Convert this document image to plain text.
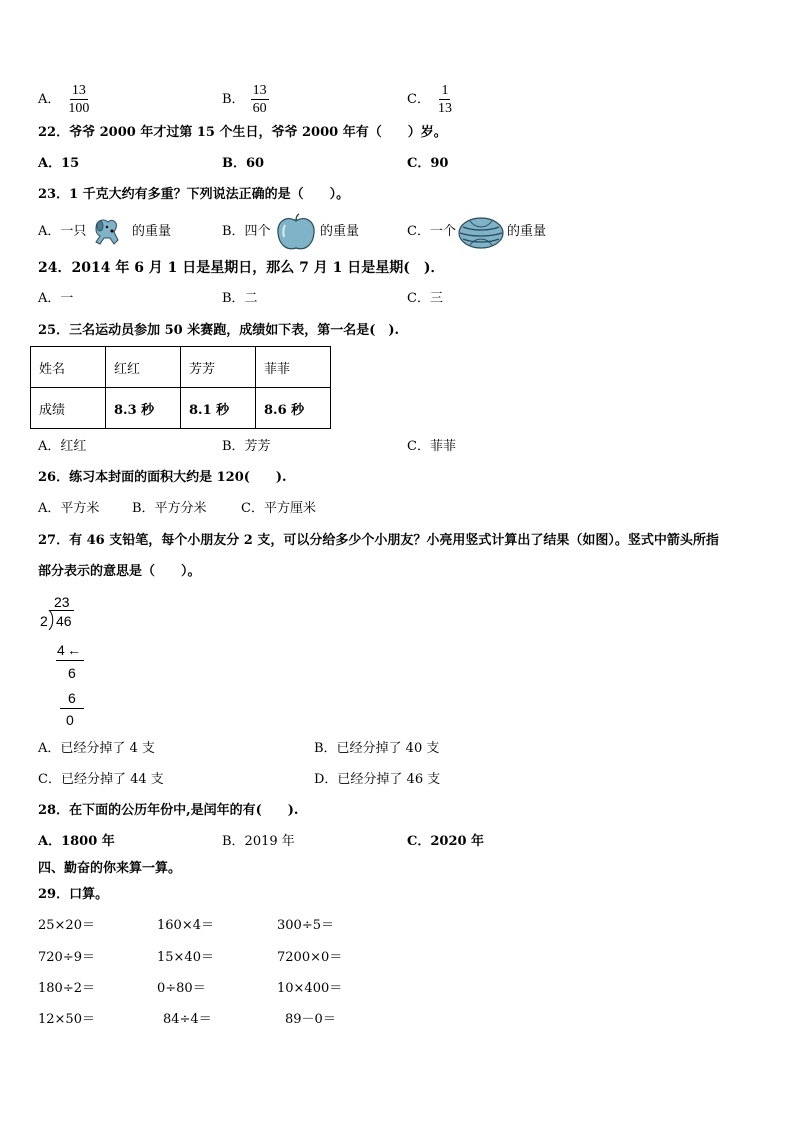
A． $\frac{13}{100}$	B． $\frac{13}{60}$	C． $\frac{1}{13}$
22．爷爷 2000 年才过第 15 个生日，爷爷 2000 年有（　　）岁。
A．15	B．60	C．90
23．1 千克大约有多重？下列说法正确的是（　　）。
A．一只	的重量	B．四个	的重量	C．一个	的重量
24．2014 年 6 月 1 日是星期日，那么 7 月 1 日是星期(　)．
A．一	B．二	C．三
25．三名运动员参加 50 米赛跑，成绩如下表，第一名是(　).
姓名	红红	芳芳	菲菲
成绩	8.3 秒	8.1 秒	8.6 秒
A．红红	B．芳芳	C．菲菲
26．练习本封面的面积大约是 120(　　).
A．平方米	B．平方分米	C．平方厘米
27．有 46 支铅笔，每个小朋友分 2 支，可以分给多少个小朋友？小亮用竖式计算出了结果（如图）。竖式中箭头所指
部分表示的意思是（　　）。
23
2 46
4 ←
6
6
0
A．已经分掉了 4 支	B．已经分掉了 40 支
C．已经分掉了 44 支	D．已经分掉了 46 支
28．在下面的公历年份中,是闰年的有(　　).
A．1800 年	B．2019 年	C．2020 年
四、勤奋的你来算一算。
29．口算。
25×20＝	160×4＝	300÷5＝
720÷9＝	15×40＝	7200×0＝
180÷2＝	0÷80＝	10×400＝
12×50＝	84÷4＝	89－0＝
